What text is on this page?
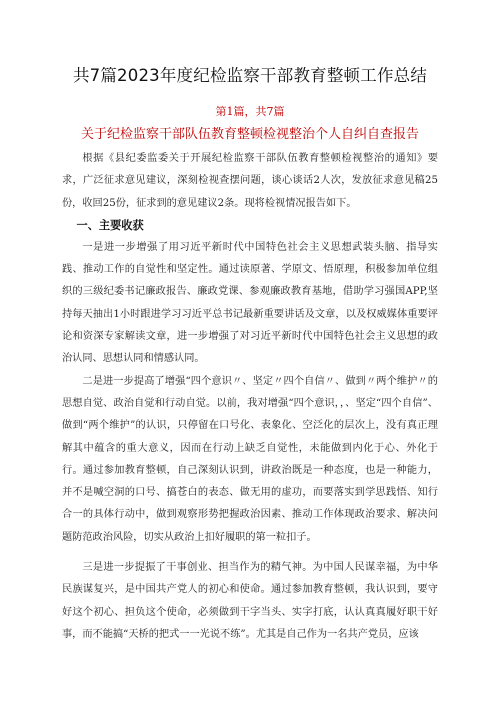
共7篇2023年度纪检监察干部教育整顿工作总结
第1篇，共7篇
关于纪检监察干部队伍教育整顿检视整治个人自纠自查报告

根据《县纪委监委关于开展纪检监察干部队伍教育整顿检视整治的通知》要求，广泛征求意见建议，深刻检视查摆问题，谈心谈话2人次，发放征求意见稿25份，收回25份，征求到的意见建议2条。现将检视情况报告如下。

一、主要收获

一是进一步增强了用习近平新时代中国特色社会主义思想武装头脑、指导实践、推动工作的自觉性和坚定性。通过读原著、学原文、悟原理，积极参加单位组织的三级纪委书记廉政报告、廉政党课、参观廉政教育基地，借助学习强国APP,坚持每天抽出1小时跟进学习习近平总书记最新重要讲话及文章，以及权威媒体重要评论和资深专家解读文章，进一步增强了对习近平新时代中国特色社会主义思想的政治认同、思想认同和情感认同。

二是进一步提高了增强“四个意识〃、坚定〃四个自信〃、做到〃两个维护〃的思想自觉、政治自觉和行动自觉。以前，我对增强“四个意识，，、坚定“四个自信”、做到“两个维护”的认识，只停留在口号化、表象化、空泛化的层次上，没有真正理解其中蕴含的重大意义，因而在行动上缺乏自觉性，未能做到内化于心、外化于行。通过参加教育整顿，自己深刻认识到，讲政治既是一种态度，也是一种能力，并不是喊空洞的口号、搞苍白的表态、做无用的虚功，而要落实到学思践悟、知行合一的具体行动中，做到观察形势把握政治因素、推动工作体现政治要求、解决问题防范政治风险，切实从政治上扣好履职的第一粒扣子。

三是进一步提振了干事创业、担当作为的精气神。为中国人民谋幸福，为中华民族谋复兴，是中国共产党人的初心和使命。通过参加教育整顿，我认识到，要守好这个初心、担负这个使命，必须做到干字当头、实字打底，认认真真履好职干好事，而不能搞“天桥的把式一一光说不练”。尤其是自己作为一名共产党员，应该
